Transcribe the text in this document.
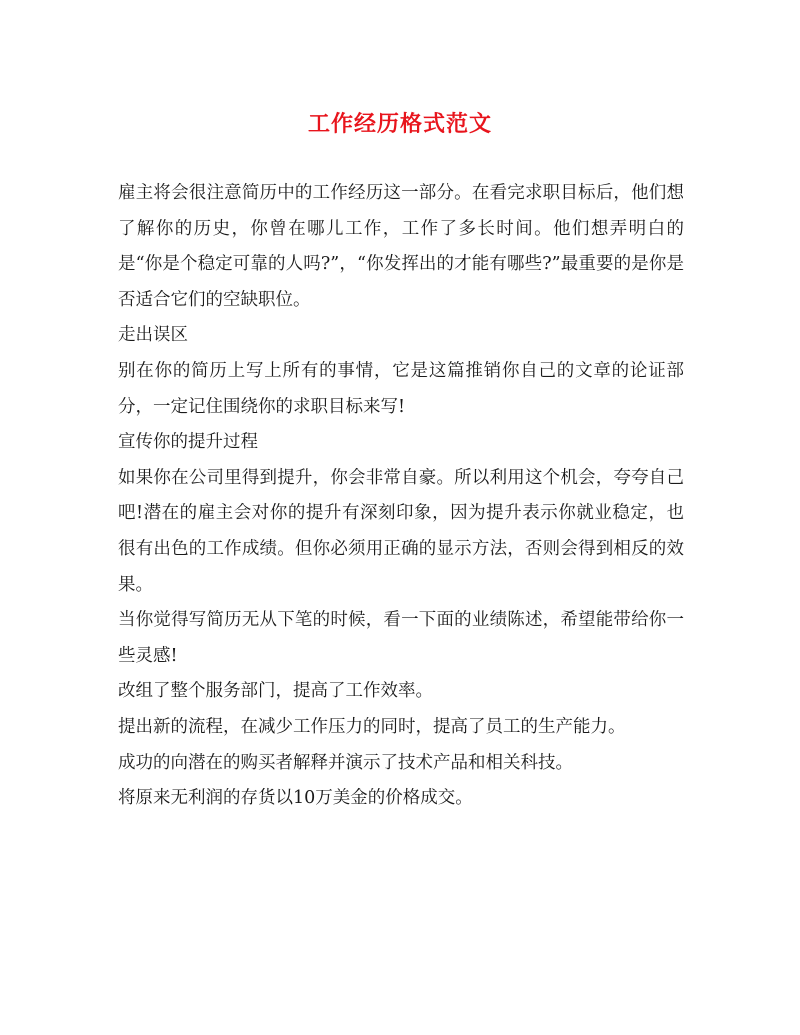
工作经历格式范文

雇主将会很注意简历中的工作经历这一部分。在看完求职目标后，他们想了解你的历史，你曾在哪儿工作，工作了多长时间。他们想弄明白的是“你是个稳定可靠的人吗?”，“你发挥出的才能有哪些?”最重要的是你是否适合它们的空缺职位。

走出误区

别在你的简历上写上所有的事情，它是这篇推销你自己的文章的论证部分，一定记住围绕你的求职目标来写!

宣传你的提升过程

如果你在公司里得到提升，你会非常自豪。所以利用这个机会，夸夸自己吧!潜在的雇主会对你的提升有深刻印象，因为提升表示你就业稳定，也很有出色的工作成绩。但你必须用正确的显示方法，否则会得到相反的效果。

当你觉得写简历无从下笔的时候，看一下面的业绩陈述，希望能带给你一些灵感!

改组了整个服务部门，提高了工作效率。

提出新的流程，在减少工作压力的同时，提高了员工的生产能力。

成功的向潜在的购买者解释并演示了技术产品和相关科技。

将原来无利润的存货以10万美金的价格成交。
